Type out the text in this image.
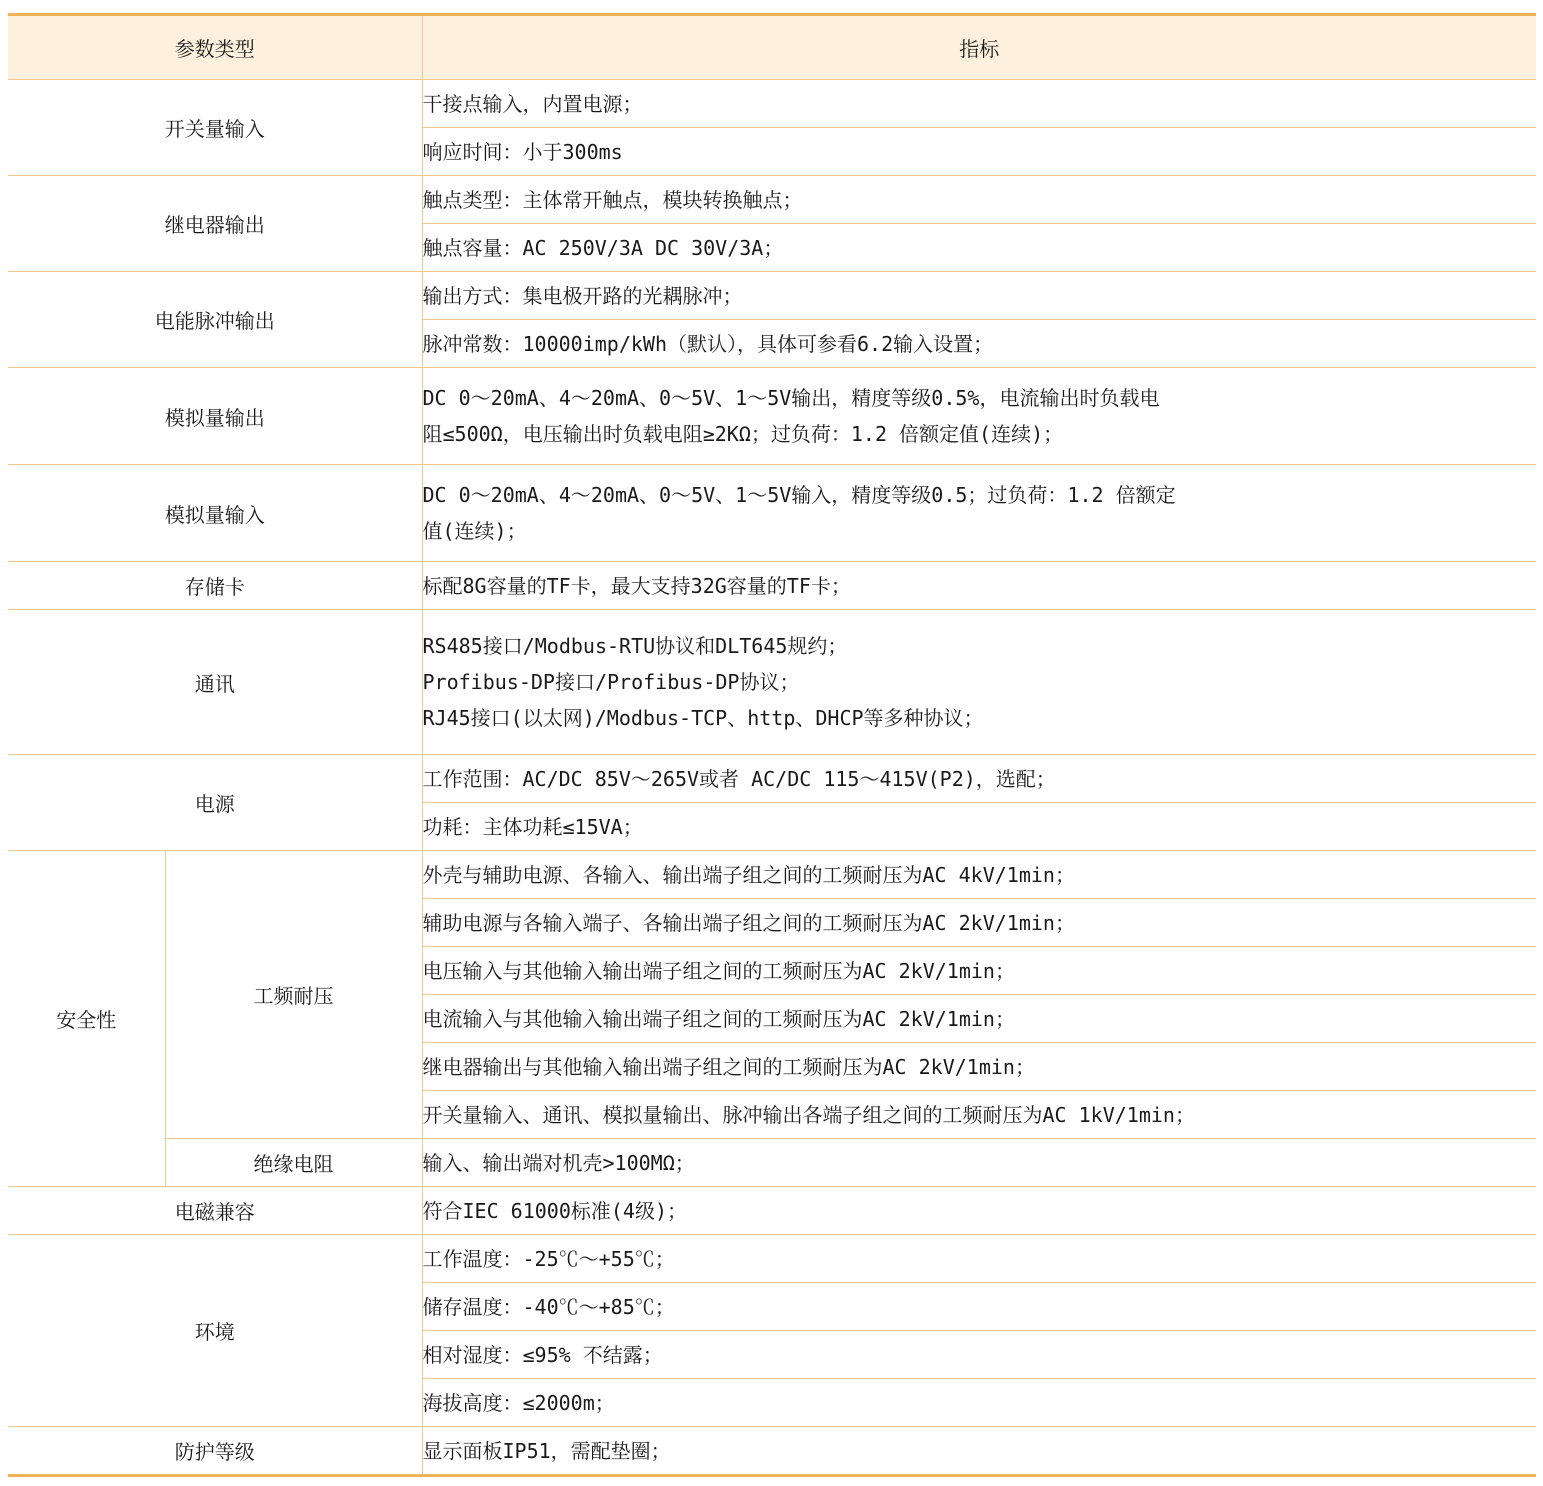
参数类型		指标
开关量输入		干接点输入，内置电源；
		响应时间：小于300ms
继电器输出		触点类型：主体常开触点，模块转换触点；
		触点容量：AC 250V/3A DC 30V/3A；
电能脉冲输出		输出方式：集电极开路的光耦脉冲；
		脉冲常数：10000imp/kWh（默认），具体可参看6.2输入设置；
模拟量输出		DC 0～20mA、4～20mA、0～5V、1～5V输出，精度等级0.5%，电流输出时负载电
阻≤500Ω，电压输出时负载电阻≥2KΩ；过负荷：1.2 倍额定值(连续)；

模拟量输入		DC 0～20mA、4～20mA、0～5V、1～5V输入，精度等级0.5；过负荷：1.2 倍额定
值(连续)；

存储卡		标配8G容量的TF卡，最大支持32G容量的TF卡；
通讯		RS485接口/Modbus-RTU协议和DLT645规约；
Profibus-DP接口/Profibus-DP协议；
RJ45接口(以太网)/Modbus-TCP、http、DHCP等多种协议；

电源		工作范围：AC/DC 85V～265V或者 AC/DC 115～415V(P2)，选配；
		功耗：主体功耗≤15VA；
安全性	工频耐压	外壳与辅助电源、各输入、输出端子组之间的工频耐压为AC 4kV/1min；
		辅助电源与各输入端子、各输出端子组之间的工频耐压为AC 2kV/1min；
		电压输入与其他输入输出端子组之间的工频耐压为AC 2kV/1min；
		电流输入与其他输入输出端子组之间的工频耐压为AC 2kV/1min；
		继电器输出与其他输入输出端子组之间的工频耐压为AC 2kV/1min；
		开关量输入、通讯、模拟量输出、脉冲输出各端子组之间的工频耐压为AC 1kV/1min；
	绝缘电阻	输入、输出端对机壳>100MΩ；
电磁兼容		符合IEC 61000标准(4级)；
环境		工作温度：-25℃～+55℃；
		储存温度：-40℃～+85℃；
		相对湿度：≤95% 不结露；
		海拔高度：≤2000m；
防护等级		显示面板IP51，需配垫圈；
